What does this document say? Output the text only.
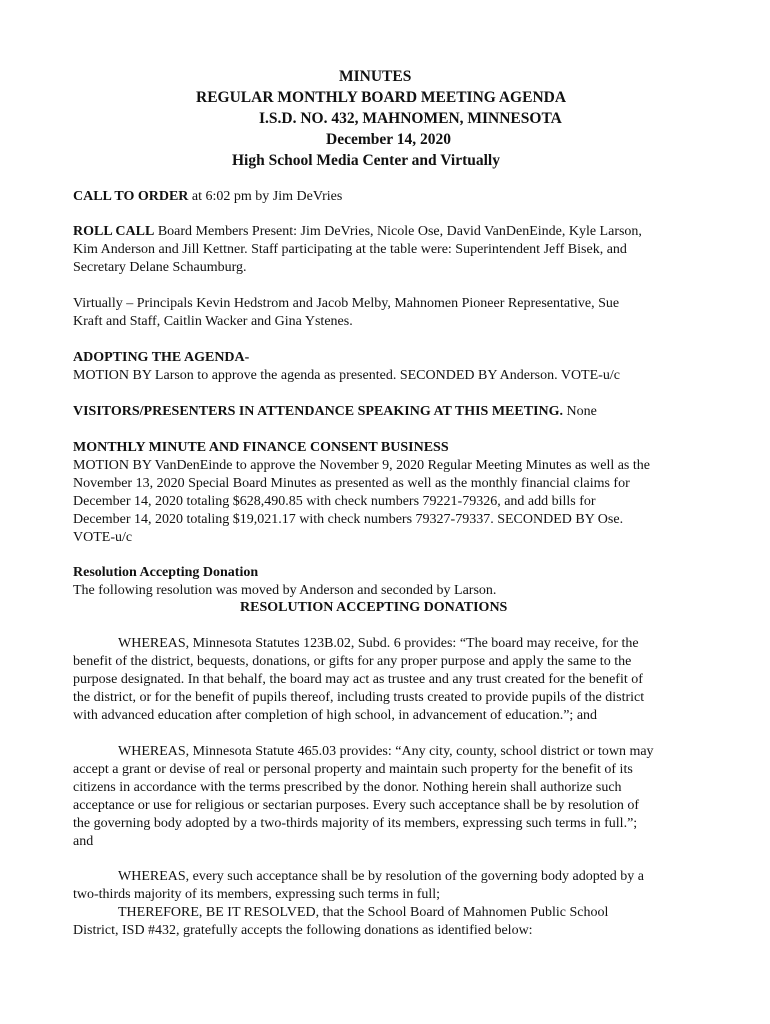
MINUTES
REGULAR MONTHLY BOARD MEETING AGENDA
I.S.D. NO. 432, MAHNOMEN, MINNESOTA
December 14, 2020
High School Media Center and Virtually
CALL TO ORDER at 6:02 pm by Jim DeVries
ROLL CALL Board Members Present: Jim DeVries, Nicole Ose, David VanDenEinde, Kyle Larson,
Kim Anderson and Jill Kettner. Staff participating at the table were: Superintendent Jeff Bisek, and
Secretary Delane Schaumburg.
Virtually – Principals Kevin Hedstrom and Jacob Melby, Mahnomen Pioneer Representative, Sue
Kraft and Staff, Caitlin Wacker and Gina Ystenes.
ADOPTING THE AGENDA-
MOTION BY Larson to approve the agenda as presented. SECONDED BY Anderson. VOTE-u/c
VISITORS/PRESENTERS IN ATTENDANCE SPEAKING AT THIS MEETING. None
MONTHLY MINUTE AND FINANCE CONSENT BUSINESS
MOTION BY VanDenEinde to approve the November 9, 2020 Regular Meeting Minutes as well as the
November 13, 2020 Special Board Minutes as presented as well as the monthly financial claims for
December 14, 2020 totaling $628,490.85 with check numbers 79221-79326, and add bills for
December 14, 2020 totaling $19,021.17 with check numbers 79327-79337. SECONDED BY Ose.
VOTE-u/c
Resolution Accepting Donation
The following resolution was moved by Anderson and seconded by Larson.
RESOLUTION ACCEPTING DONATIONS
WHEREAS, Minnesota Statutes 123B.02, Subd. 6 provides: “The board may receive, for the
benefit of the district, bequests, donations, or gifts for any proper purpose and apply the same to the
purpose designated. In that behalf, the board may act as trustee and any trust created for the benefit of
the district, or for the benefit of pupils thereof, including trusts created to provide pupils of the district
with advanced education after completion of high school, in advancement of education.”; and
WHEREAS, Minnesota Statute 465.03 provides: “Any city, county, school district or town may
accept a grant or devise of real or personal property and maintain such property for the benefit of its
citizens in accordance with the terms prescribed by the donor. Nothing herein shall authorize such
acceptance or use for religious or sectarian purposes. Every such acceptance shall be by resolution of
the governing body adopted by a two-thirds majority of its members, expressing such terms in full.”;
and
WHEREAS, every such acceptance shall be by resolution of the governing body adopted by a
two-thirds majority of its members, expressing such terms in full;
THEREFORE, BE IT RESOLVED, that the School Board of Mahnomen Public School
District, ISD #432, gratefully accepts the following donations as identified below:
